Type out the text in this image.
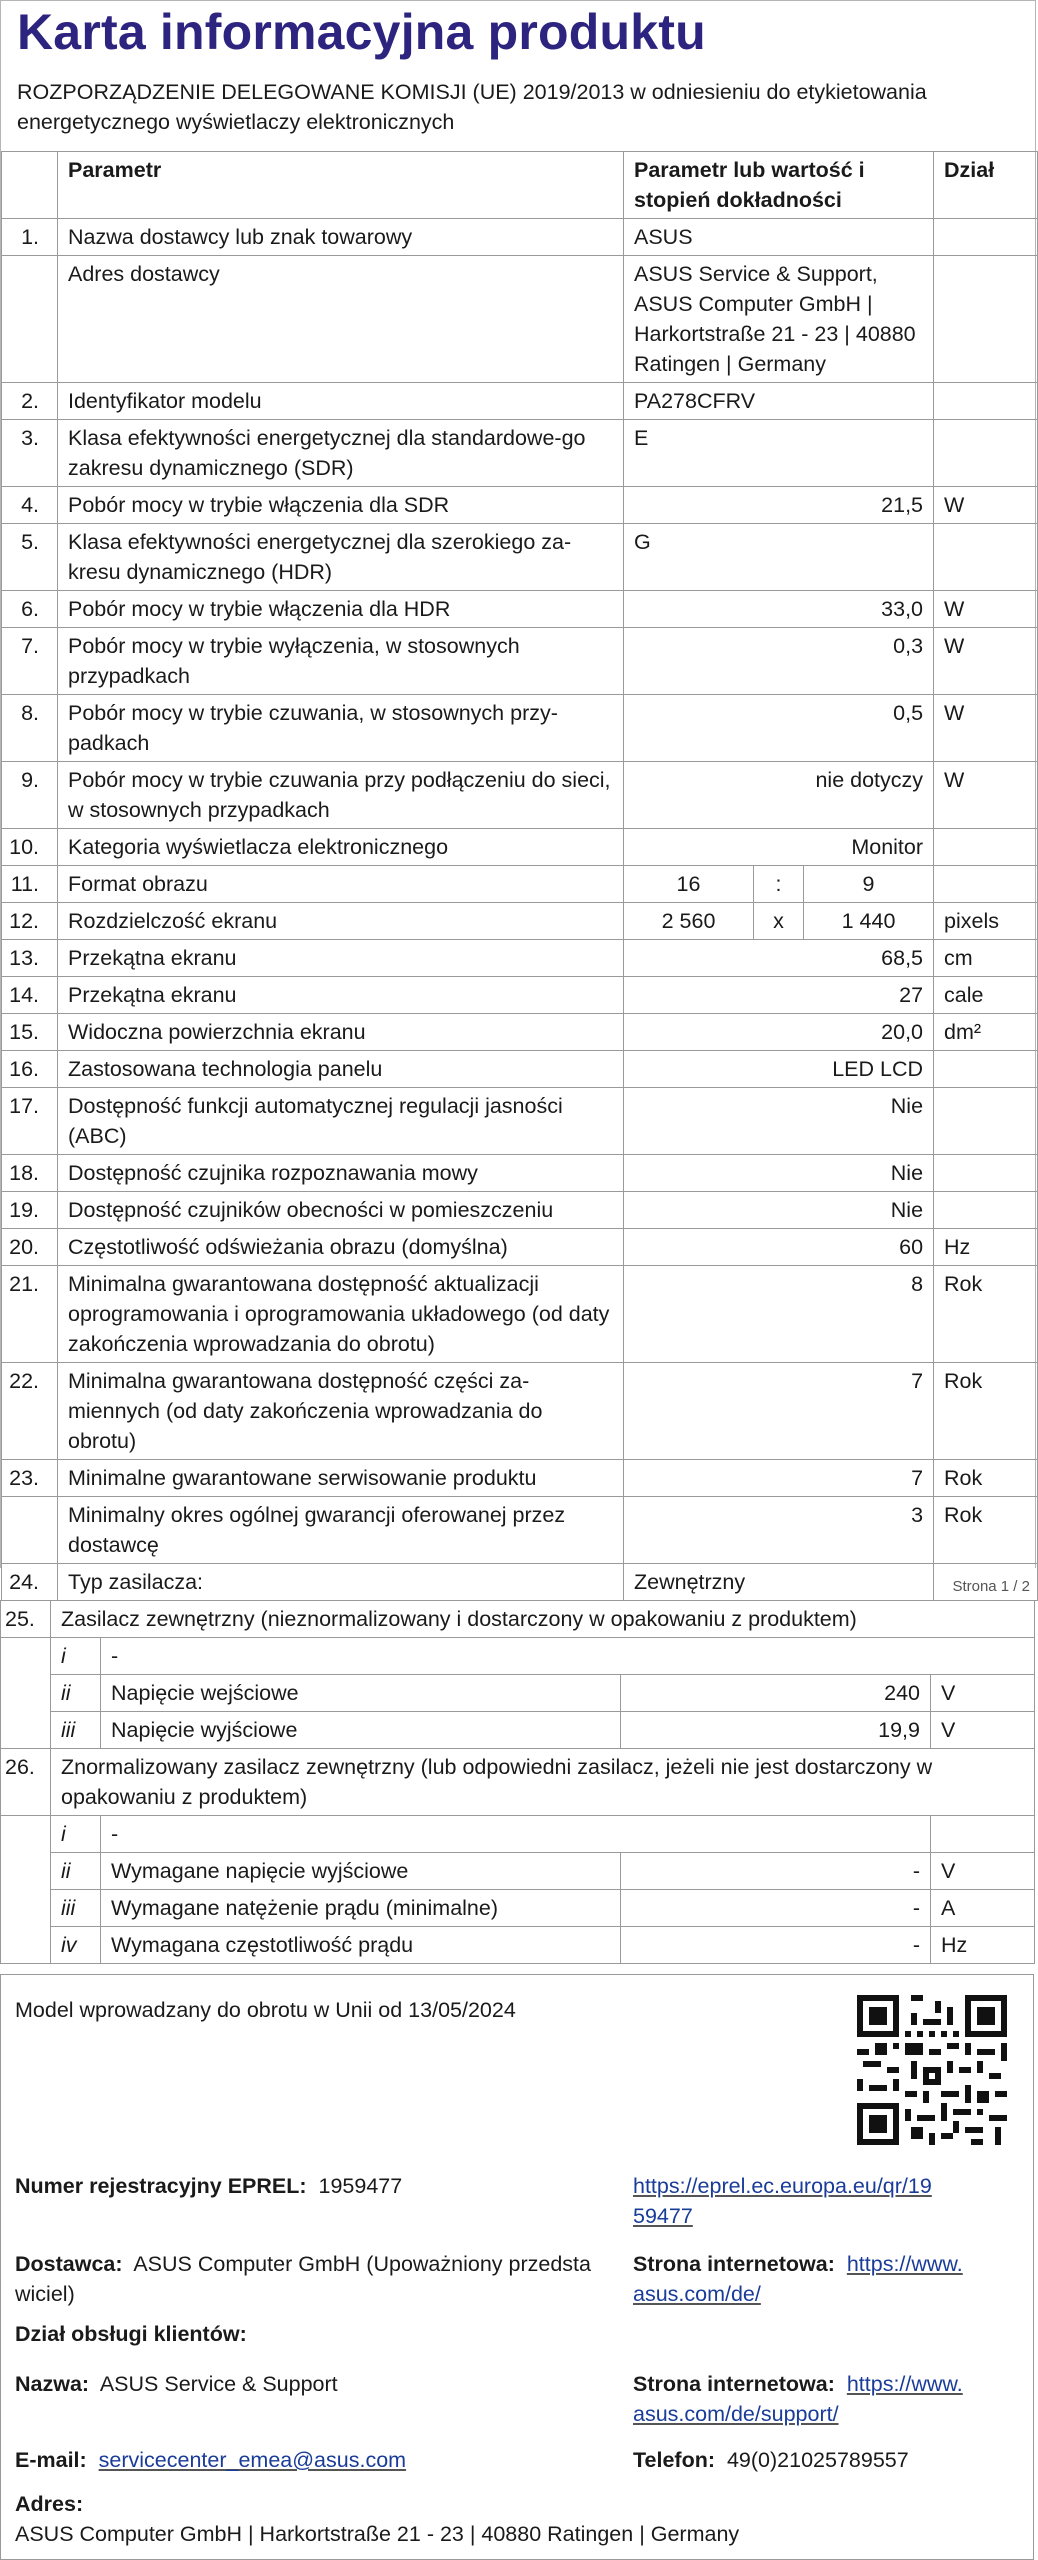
Karta informacyjna produktu
ROZPORZĄDZENIE DELEGOWANE KOMISJI (UE) 2019/2013 w odniesieniu do etykietowania energetycznego wyświetlaczy elektronicznych
	Parametr	Parametr lub wartość i stopień dokładności			Dział
1.	Nazwa dostawcy lub znak towarowy	ASUS			
	Adres dostawcy	ASUS Service & Support, ASUS Computer GmbH | Harkortstraße 21 - 23 | 40880 Ratingen | Germany			
2.	Identyfikator modelu	PA278CFRV			
3.	Klasa efektywności energetycznej dla standardowe-go zakresu dynamicznego (SDR)	E			
4.	Pobór mocy w trybie włączenia dla SDR	21,5			W
5.	Klasa efektywności energetycznej dla szerokiego za-kresu dynamicznego (HDR)	G			
6.	Pobór mocy w trybie włączenia dla HDR	33,0			W
7.	Pobór mocy w trybie wyłączenia, w stosownych przypadkach	0,3			W
8.	Pobór mocy w trybie czuwania, w stosownych przy-padkach	0,5			W
9.	Pobór mocy w trybie czuwania przy podłączeniu do sieci, w stosownych przypadkach	nie dotyczy			W
10.	Kategoria wyświetlacza elektronicznego	Monitor			
11.	Format obrazu	16	:	9	
12.	Rozdzielczość ekranu	2 560	x	1 440	pixels
13.	Przekątna ekranu	68,5			cm
14.	Przekątna ekranu	27			cale
15.	Widoczna powierzchnia ekranu	20,0			dm²
16.	Zastosowana technologia panelu	LED LCD			
17.	Dostępność funkcji automatycznej regulacji jasności (ABC)	Nie			
18.	Dostępność czujnika rozpoznawania mowy	Nie			
19.	Dostępność czujników obecności w pomieszczeniu	Nie			
20.	Częstotliwość odświeżania obrazu (domyślna)	60			Hz
21.	Minimalna gwarantowana dostępność aktualizacji oprogramowania i oprogramowania układowego (od daty zakończenia wprowadzania do obrotu)	8			Rok
22.	Minimalna gwarantowana dostępność części za-miennych (od daty zakończenia wprowadzania do obrotu)	7			Rok
23.	Minimalne gwarantowane serwisowanie produktu	7			Rok
	Minimalny okres ogólnej gwarancji oferowanej przez dostawcę	3			Rok
24.	Typ zasilacza:	Zewnętrzny				Strona 1 / 2
25.	Zasilacz zewnętrzny (nieznormalizowany i dostarczony w opakowaniu z produktem)			
	i	-		
	ii	Napięcie wejściowe	240	V
	iii	Napięcie wyjściowe	19,9	V
26.	Znormalizowany zasilacz zewnętrzny (lub odpowiedni zasilacz, jeżeli nie jest dostarczony w opakowaniu z produktem)			
	i	-		
	ii	Wymagane napięcie wyjściowe	-	V
	iii	Wymagane natężenie prądu (minimalne)	-	A
	iv	Wymagana częstotliwość prądu	-	Hz
Model wprowadzany do obrotu w Unii od 13/05/2024
Numer rejestracyjny EPREL: 1959477	https://eprel.ec.europa.eu/qr/19
59477
Dostawca: ASUS Computer GmbH (Upoważniony przedsta
wiciel)
Strona internetowa: https://www.
asus.com/de/
Dział obsługi klientów:
Nazwa: ASUS Service & Support	Strona internetowa: https://www.
asus.com/de/support/
E-mail: servicecenter_emea@asus.com	Telefon: 49(0)21025789557
Adres:
ASUS Computer GmbH | Harkortstraße 21 - 23 | 40880 Ratingen | Germany
